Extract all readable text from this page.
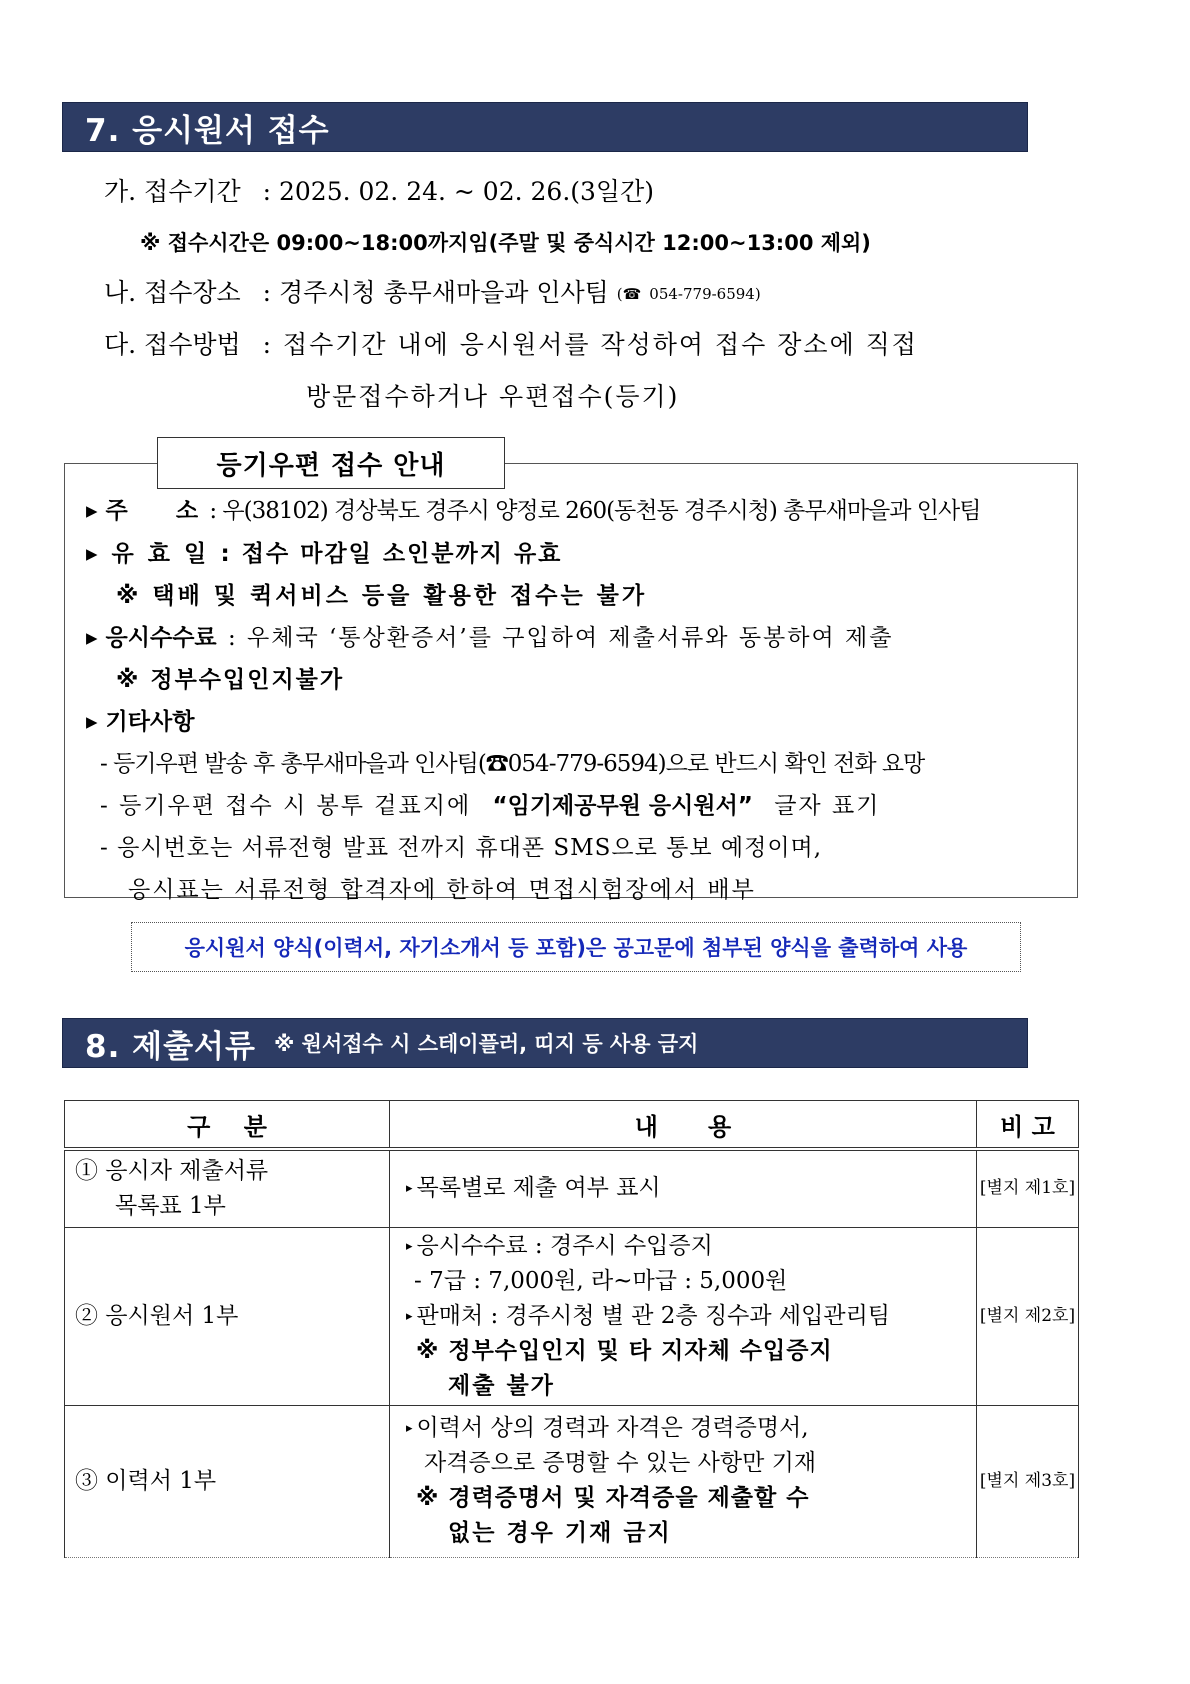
7. 응시원서 접수
가. 접수기간 : 2025. 02. 24. ~ 02. 26.(3일간)
※ 접수시간은 09:00~18:00까지임(주말 및 중식시간 12:00~13:00 제외)
나. 접수장소 : 경주시청 총무새마을과 인사팀 (☎ 054-779-6594)
다. 접수방법 : 접수기간 내에 응시원서를 작성하여 접수 장소에 직접
방문접수하거나 우편접수(등기)
등기우편 접수 안내
▸ 주      소 : 우(38102) 경상북도 경주시 양정로 260(동천동 경주시청) 총무새마을과 인사팀
▸ 유 효 일 : 접수 마감일 소인분까지 유효
※ 택배 및 퀵서비스 등을 활용한 접수는 불가
▸ 응시수수료 : 우체국 ‘통상환증서’를 구입하여 제출서류와 동봉하여 제출
※ 정부수입인지불가
▸ 기타사항
- 등기우편 발송 후 총무새마을과 인사팀(☎054-779-6594)으로 반드시 확인 전화 요망
- 등기우편 접수 시 봉투 겉표지에 “임기제공무원 응시원서” 글자 표기
- 응시번호는 서류전형 발표 전까지 휴대폰 SMS으로 통보 예정이며,
응시표는 서류전형 합격자에 한하여 면접시험장에서 배부
응시원서 양식(이력서, 자기소개서 등 포함)은 공고문에 첨부된 양식을 출력하여 사용
8. 제출서류 ※ 원서접수 시 스테이플러, 띠지 등 사용 금지
구    분	내      용	비 고

① 응시자 제출서류
목록표 1부	▸ 목록별로 제출 여부 표시	[별지 제1호]
② 응시원서 1부	▸ 응시수수료 : 경주시 수입증지
- 7급 : 7,000원, 라~마급 : 5,000원
▸ 판매처 : 경주시청 별 관 2층 징수과 세입관리팀
※ 정부수입인지 및 타 지자체 수입증지
제출 불가	[별지 제2호]
③ 이력서 1부	▸ 이력서 상의 경력과 자격은 경력증명서,
자격증으로 증명할 수 있는 사항만 기재
※ 경력증명서 및 자격증을 제출할 수
없는 경우 기재 금지	[별지 제3호]
